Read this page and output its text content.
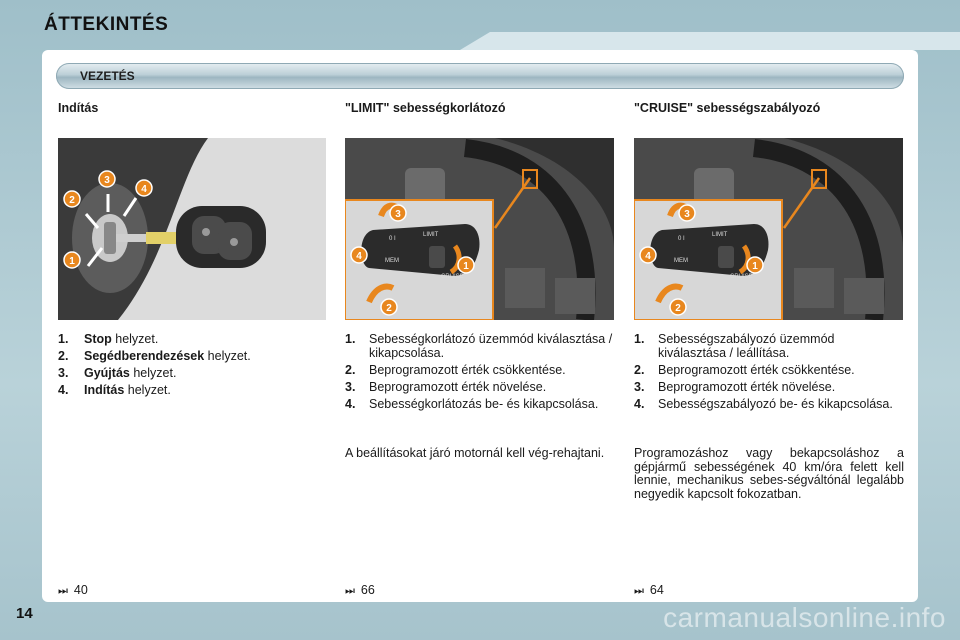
ÁTTEKINTÉS
VEZETÉS
Indítás
1
2
3
4
1. Stop helyzet.
2. Segédberendezések helyzet.
3. Gyújtás helyzet.
4. Indítás helyzet.
⏭ 40
"LIMIT" sebességkorlátozó
0 I
MEM
LIMIT
CRUISE
1
2
3
4
1. Sebességkorlátozó üzemmód kiválasztása / kikapcsolása.
2. Beprogramozott érték csökkentése.
3. Beprogramozott érték növelése.
4. Sebességkorlátozás be- és kikapcsolása.

A beállításokat járó motornál kell vég-rehajtani.

⏭ 66
"CRUISE" sebességszabályozó
0 I
MEM
LIMIT
CRUISE
1
2
3
4
1. Sebességszabályozó üzemmód kiválasztása / leállítása.
2. Beprogramozott érték csökkentése.
3. Beprogramozott érték növelése.
4. Sebességszabályozó be- és kikapcsolása.

Programozáshoz vagy bekapcsoláshoz a gépjármű sebességének 40 km/óra felett kell lennie, mechanikus sebes-ségváltónál legalább negyedik kapcsolt fokozatban.

⏭ 64
14	carmanualsonline.info
